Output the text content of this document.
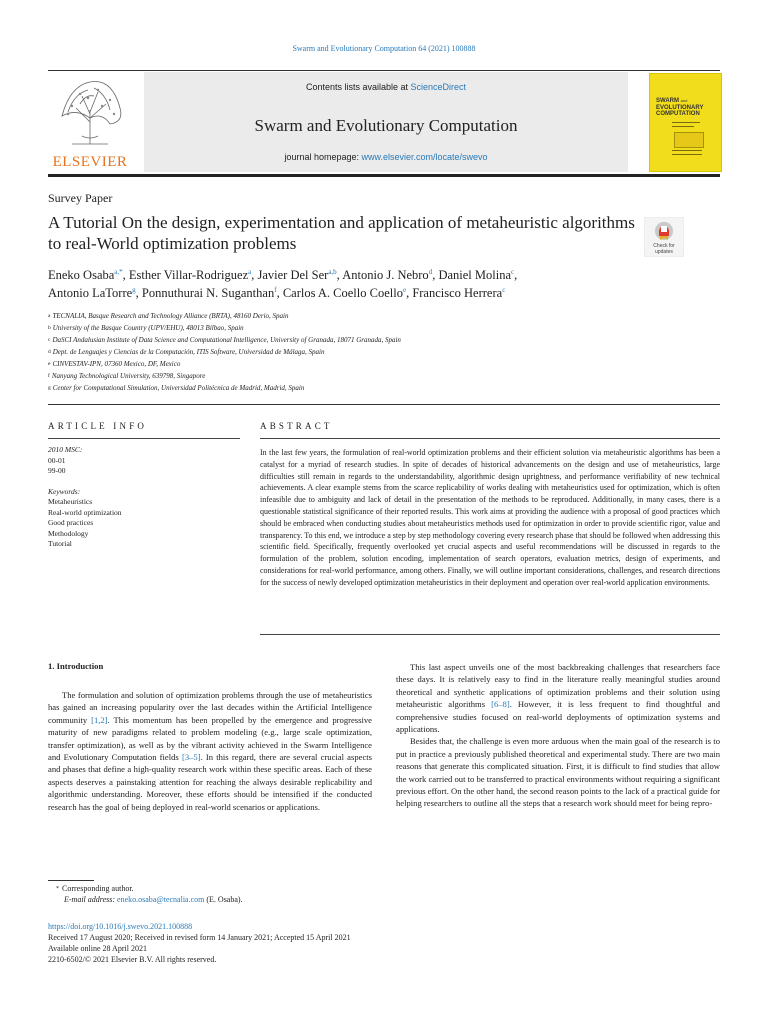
Swarm and Evolutionary Computation 64 (2021) 100888
ELSEVIER
Contents lists available at ScienceDirect
Swarm and Evolutionary Computation
journal homepage: www.elsevier.com/locate/swevo
SWARM and
EVOLUTIONARY
COMPUTATION
Survey Paper
A Tutorial On the design, experimentation and application of metaheuristic algorithms to real-World optimization problems	Check for
updates
Eneko Osaba$^{a,*}$, Esther Villar-Rodriguez$^a$, Javier Del Ser$^{a,b}$, Antonio J. Nebro$^d$, Daniel Molina$^c$,
Antonio LaTorre$^g$, Ponnuthurai N. Suganthan$^f$, Carlos A. Coello Coello$^e$, Francisco Herrera$^c$
$^a$ TECNALIA, Basque Research and Technology Alliance (BRTA), 48160 Derio, Spain
$^b$ University of the Basque Country (UPV/EHU), 48013 Bilbao, Spain
$^c$ DaSCI Andalusian Institute of Data Science and Computational Intelligence, University of Granada, 18071 Granada, Spain
$^d$ Dept. de Lenguajes y Ciencias de la Computación, ITIS Software, Universidad de Málaga, Spain
$^e$ CINVESTAV-IPN, 07360 Mexico, DF, Mexico
$^f$ Nanyang Technological University, 639798, Singapore
$^g$ Center for Computational Simulation, Universidad Politécnica de Madrid, Madrid, Spain
ARTICLE INFO	ABSTRACT
2010 MSC:
00-01
99-00
Keywords:
Metaheuristics
Real-world optimization
Good practices
Methodology
Tutorial
In the last few years, the formulation of real-world optimization problems and their efficient solution via metaheuristic algorithms has been a catalyst for a myriad of research studies. In spite of decades of historical advancements on the design and use of metaheuristics, large difficulties still remain in regards to the understandability, algorithmic design uprightness, and performance verifiability of new technical achievements. A clear example stems from the scarce replicability of works dealing with metaheuristics used for optimization, which is often infeasible due to ambiguity and lack of detail in the presentation of the methods to be reproduced. Additionally, in many cases, there is a questionable statistical significance of their reported results. This work aims at providing the audience with a proposal of good practices which should be embraced when conducting studies about metaheuristics methods used for optimization in order to provide scientific rigor, value and transparency. To this end, we introduce a step by step methodology covering every research phase that should be followed when addressing this scientific field. Specifically, frequently overlooked yet crucial aspects and useful recommendations will be discussed in regards to the formulation of the problem, solution encoding, implementation of search operators, evaluation metrics, design of experiments, and considerations for real-world performance, among others. Finally, we will outline important considerations, challenges, and research directions for the success of newly developed optimization metaheuristics in their deployment and operation over real-world application environments.
1. Introduction

The formulation and solution of optimization problems through the use of metaheuristics has gained an increasing popularity over the last decades within the Artificial Intelligence community [1,2]. This momentum has been propelled by the emergence and progressive maturity of new paradigms related to problem modeling (e.g., large scale optimization, transfer optimization), as well as by the vibrant activity achieved in the Swarm Intelligence and Evolutionary Computation fields [3–5]. In this regard, there are several crucial aspects and phases that define a high-quality research work within these specific areas. Each of these aspects deserves a painstaking attention for reaching the always desirable replicability and algorithmic understanding. Moreover, these efforts should be intensified if the conducted research has the goal of being deployed in real-world scenarios or applications.

This last aspect unveils one of the most backbreaking challenges that researchers face these days. It is relatively easy to find in the literature really meaningful studies around theoretical and synthetic applications of optimization problems and their solution using metaheuristic algorithms [6–8]. However, it is less frequent to find thoughtful and comprehensive studies focused on real-world deployments of optimization systems and applications.

Besides that, the challenge is even more arduous when the main goal of the research is to put in practice a previously published theoretical and experimental study. There are two main reasons that generate this complicated situation. First, it is difficult to find studies that allow the work carried out to be transferred to practical environments without requiring a significant previous effort. On the other hand, the second reason points to the lack of a practical guide for helping researchers to outline all the steps that a research work should meet for being repro-

* Corresponding author.
E-mail address: eneko.osaba@tecnalia.com (E. Osaba).
https://doi.org/10.1016/j.swevo.2021.100888
Received 17 August 2020; Received in revised form 14 January 2021; Accepted 15 April 2021
Available online 28 April 2021
2210-6502/© 2021 Elsevier B.V. All rights reserved.
